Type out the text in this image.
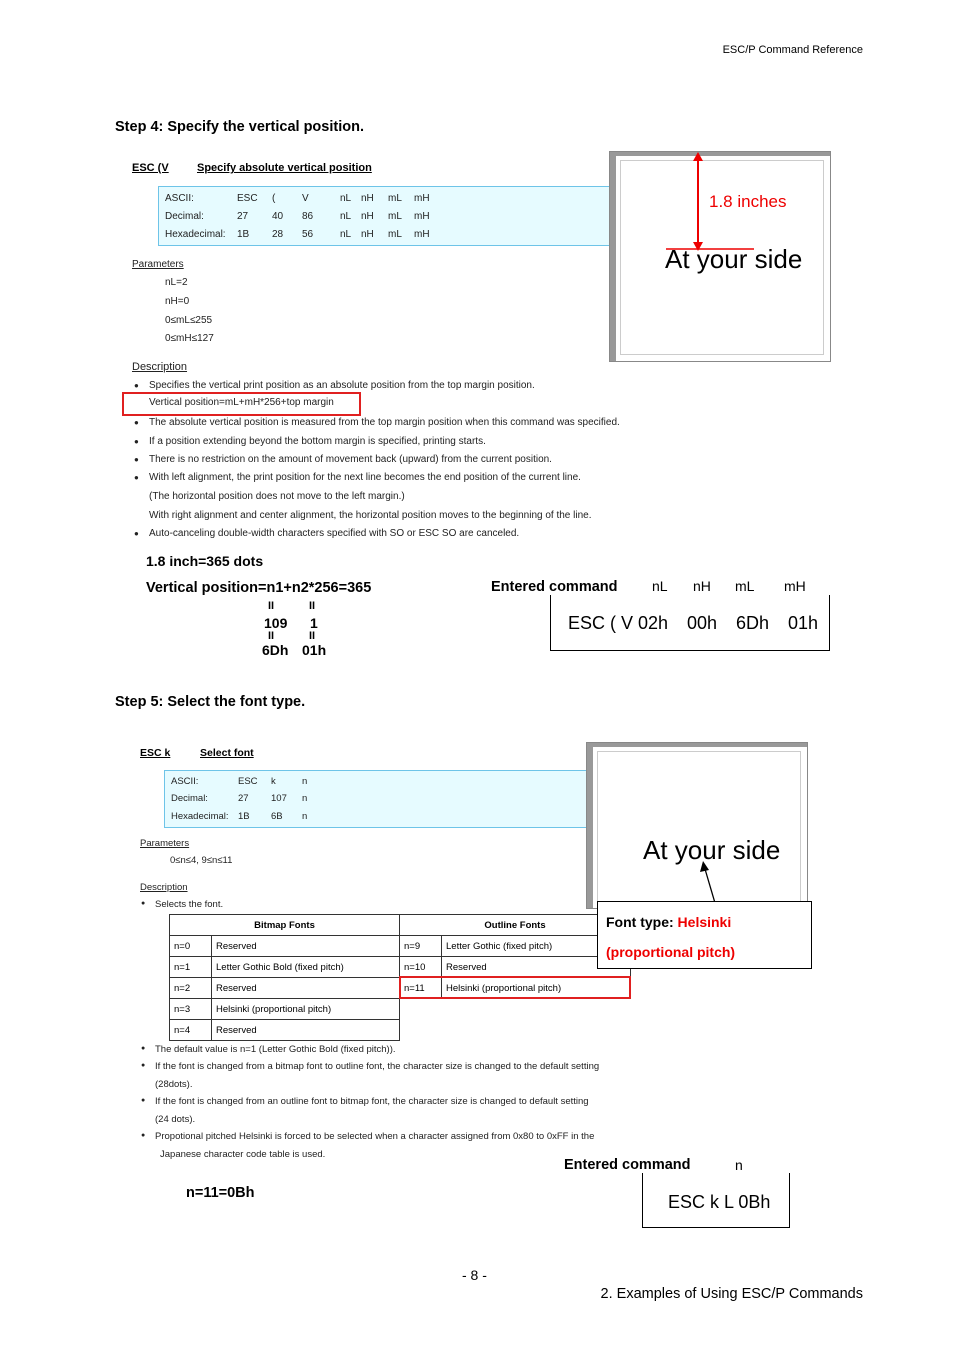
ESC/P Command Reference
Step 4: Specify the vertical position.
ESC (V	Specify absolute vertical position
ASCII:	ESC (	V	nL nH mL mH
Decimal:	27 40 86	nL nH mL mH
Hexadecimal: 1B 28 56	nL nH mL mH
Parameters
nL=2
nH=0
0≤mL≤255
0≤mH≤127
Description
● Specifies the vertical print position as an absolute position from the top margin position.
Vertical position=mL+mH*256+top margin
● The absolute vertical position is measured from the top margin position when this command was specified.
● If a position extending beyond the bottom margin is specified, printing starts.
● There is no restriction on the amount of movement back (upward) from the current position.
● With left alignment, the print position for the next line becomes the end position of the current line.
(The horizontal position does not move to the left margin.)
With right alignment and center alignment, the horizontal position moves to the beginning of the line.
● Auto-canceling double-width characters specified with SO or ESC SO are canceled.
1.8 inches
At your side
1.8 inch=365 dots
Vertical position=n1+n2*256=365
II	II
109 1
II	II
6Dh 01h
Entered command nL nH mL mH
ESC ( V 02h 00h 6Dh 01h
Step 5: Select the font type.
ESC k	Select font
ASCII:	ESC k	n
Decimal:	27 107 n
Hexadecimal: 1B 6B n
Parameters
0≤n≤4, 9≤n≤11
Description
● Selects the font.
Bitmap Fonts		Outline Fonts	
n=0	Reserved	n=9	Letter Gothic (fixed pitch)
n=1	Letter Gothic Bold (fixed pitch)	n=10	Reserved
n=2	Reserved	n=11	Helsinki (proportional pitch)
n=3	Helsinki (proportional pitch)		
n=4	Reserved		
● The default value is n=1 (Letter Gothic Bold (fixed pitch)).
● If the font is changed from a bitmap font to outline font, the character size is changed to the default setting
(28dots).
● If the font is changed from an outline font to bitmap font, the character size is changed to default setting
(24 dots).
● Propotional pitched Helsinki is forced to be selected when a character assigned from 0x80 to 0xFF in the
Japanese character code table is used.
At your side
Font type: Helsinki
(proportional pitch)
Entered command	n
ESC k L 0Bh
n=11=0Bh
- 8 -
2. Examples of Using ESC/P Commands
